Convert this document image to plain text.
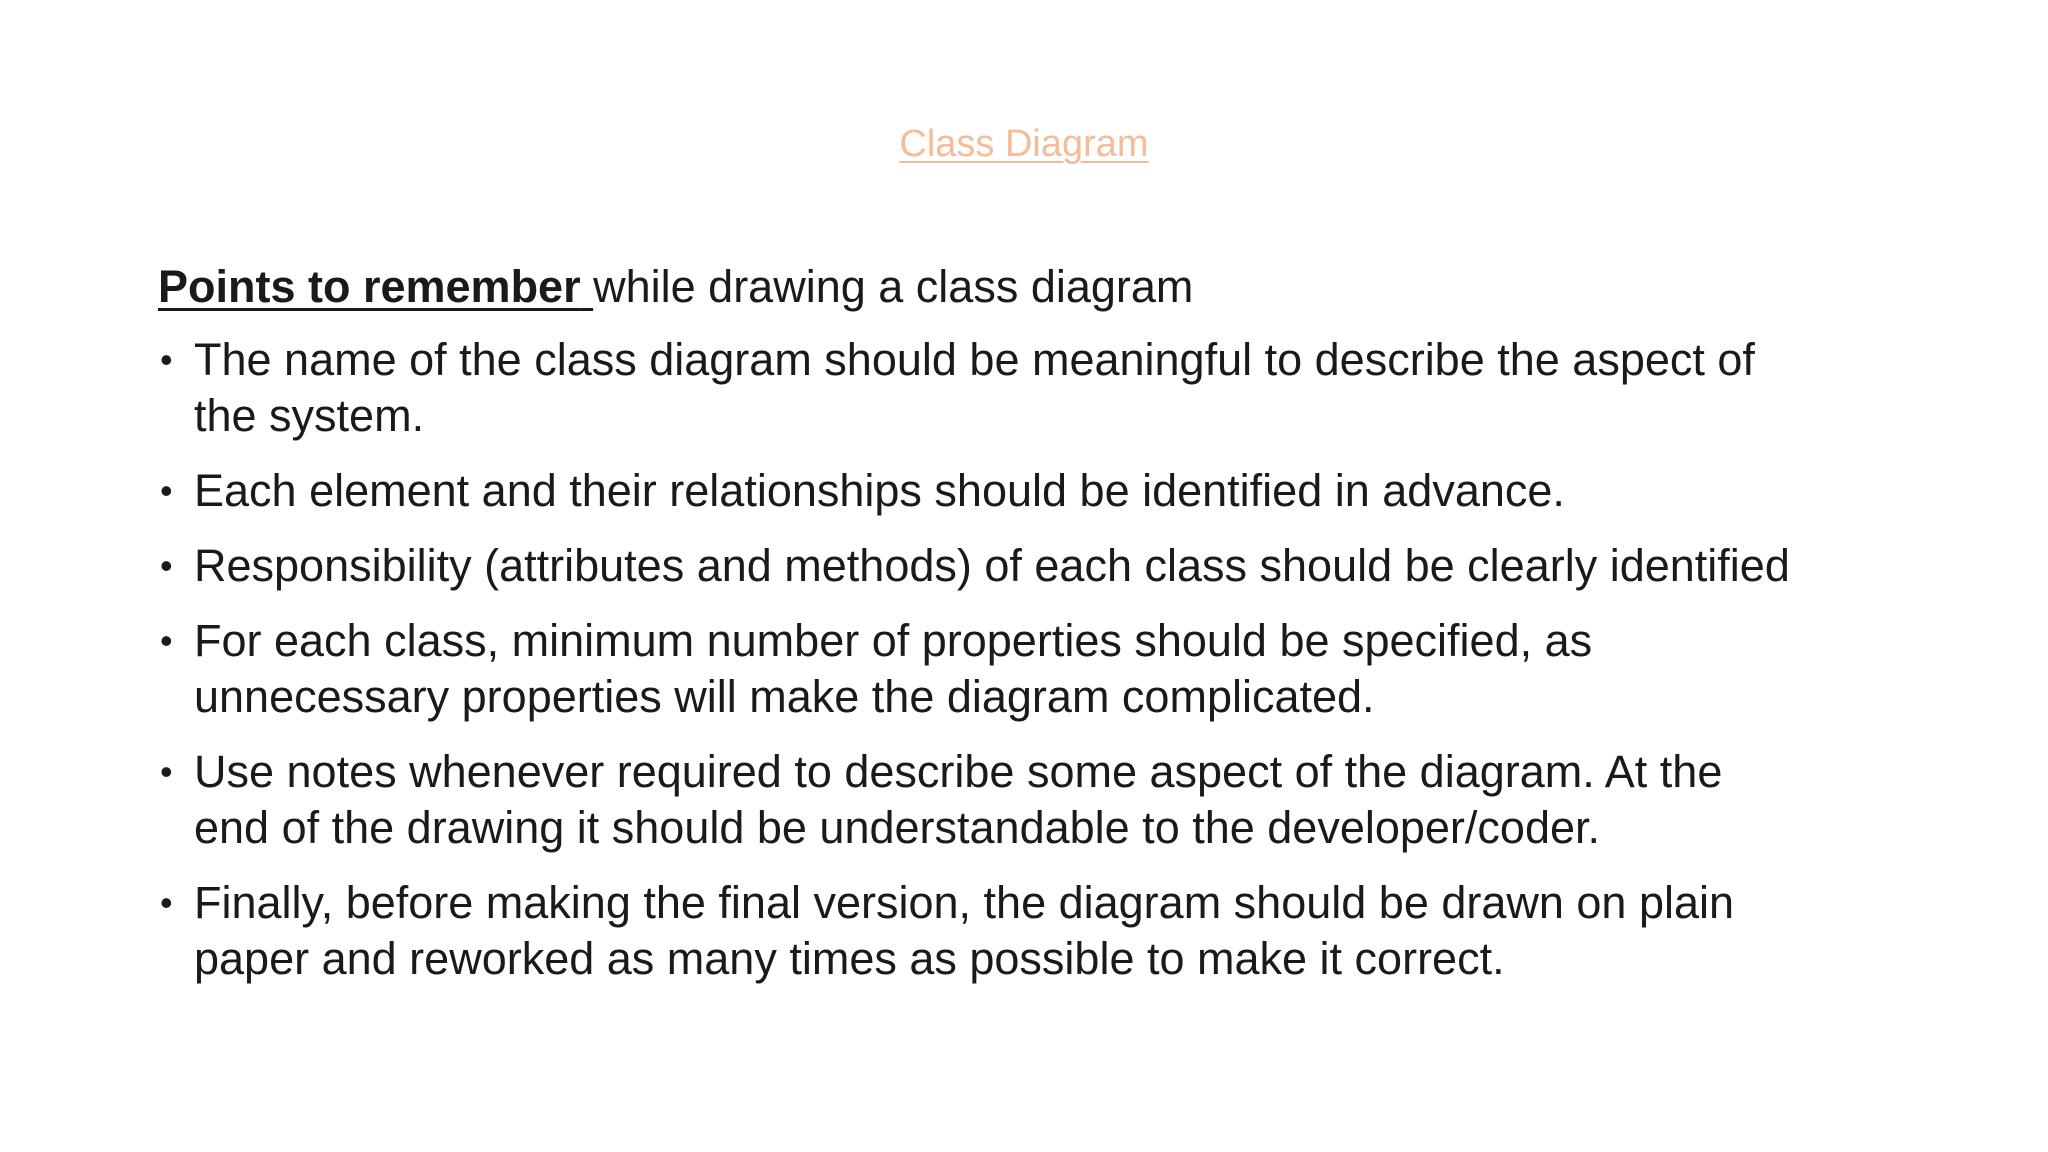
Class Diagram
Points to remember while drawing a class diagram
• The name of the class diagram should be meaningful to describe the aspect of
the system.
• Each element and their relationships should be identified in advance.
• Responsibility (attributes and methods) of each class should be clearly identified
• For each class, minimum number of properties should be specified, as
unnecessary properties will make the diagram complicated.
• Use notes whenever required to describe some aspect of the diagram. At the
end of the drawing it should be understandable to the developer/coder.
• Finally, before making the final version, the diagram should be drawn on plain
paper and reworked as many times as possible to make it correct.
